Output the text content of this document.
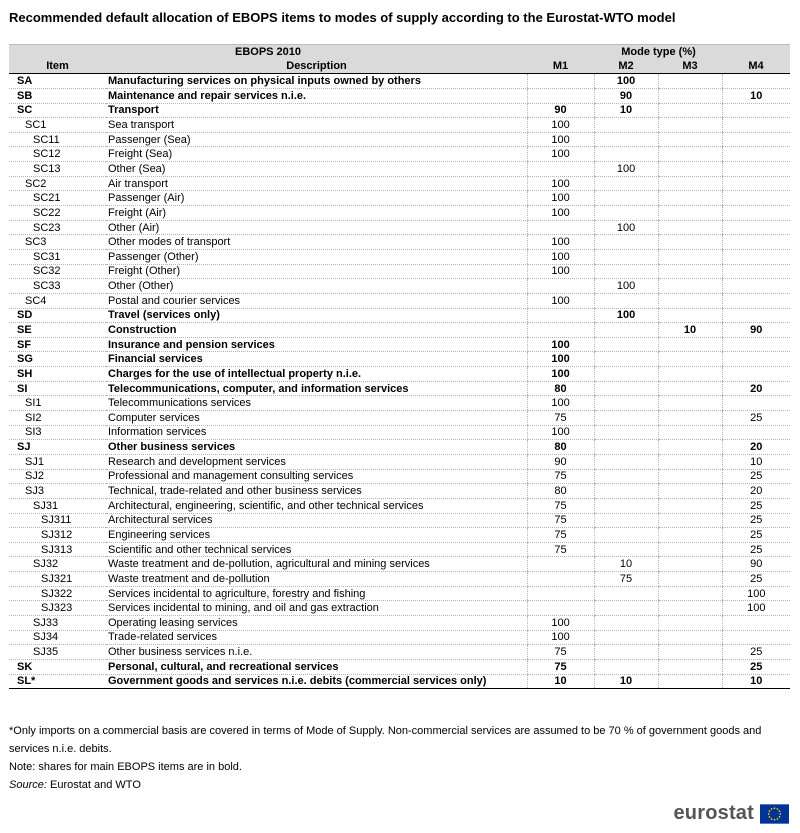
Recommended default allocation of EBOPS items to modes of supply according to the Eurostat-WTO model
EBOPS 2010		Mode type (%)			
Item	Description	M1	M2	M3	M4
SA	Manufacturing services on physical inputs owned by others		100		
SB	Maintenance and repair services n.i.e.		90		10
SC	Transport	90	10		
SC1	Sea transport	100			
SC11	Passenger (Sea)	100			
SC12	Freight (Sea)	100			
SC13	Other (Sea)		100		
SC2	Air transport	100			
SC21	Passenger (Air)	100			
SC22	Freight (Air)	100			
SC23	Other (Air)		100		
SC3	Other modes of transport	100			
SC31	Passenger (Other)	100			
SC32	Freight (Other)	100			
SC33	Other (Other)		100		
SC4	Postal and courier services	100			
SD	Travel (services only)		100		
SE	Construction			10	90
SF	Insurance and pension services	100			
SG	Financial services	100			
SH	Charges for the use of intellectual property n.i.e.	100			
SI	Telecommunications, computer, and information services	80			20
SI1	Telecommunications services	100			
SI2	Computer services	75			25
SI3	Information services	100			
SJ	Other business services	80			20
SJ1	Research and development services	90			10
SJ2	Professional and management consulting services	75			25
SJ3	Technical, trade-related and other business services	80			20
SJ31	Architectural, engineering, scientific, and other technical services	75			25
SJ311	Architectural services	75			25
SJ312	Engineering services	75			25
SJ313	Scientific and other technical services	75			25
SJ32	Waste treatment and de-pollution, agricultural and mining services		10		90
SJ321	Waste treatment and de-pollution		75		25
SJ322	Services incidental to agriculture, forestry and fishing				100
SJ323	Services incidental to mining, and oil and gas extraction				100
SJ33	Operating leasing services	100			
SJ34	Trade-related services	100			
SJ35	Other business services n.i.e.	75			25
SK	Personal, cultural, and recreational services	75			25
SL*	Government goods and services n.i.e. debits (commercial services only)	10	10		10

*Only imports on a commercial basis are covered in terms of Mode of Supply. Non-commercial services are assumed to be 70 % of government goods and services n.i.e. debits.

Note: shares for main EBOPS items are in bold.

Source: Eurostat and WTO

eurostat
